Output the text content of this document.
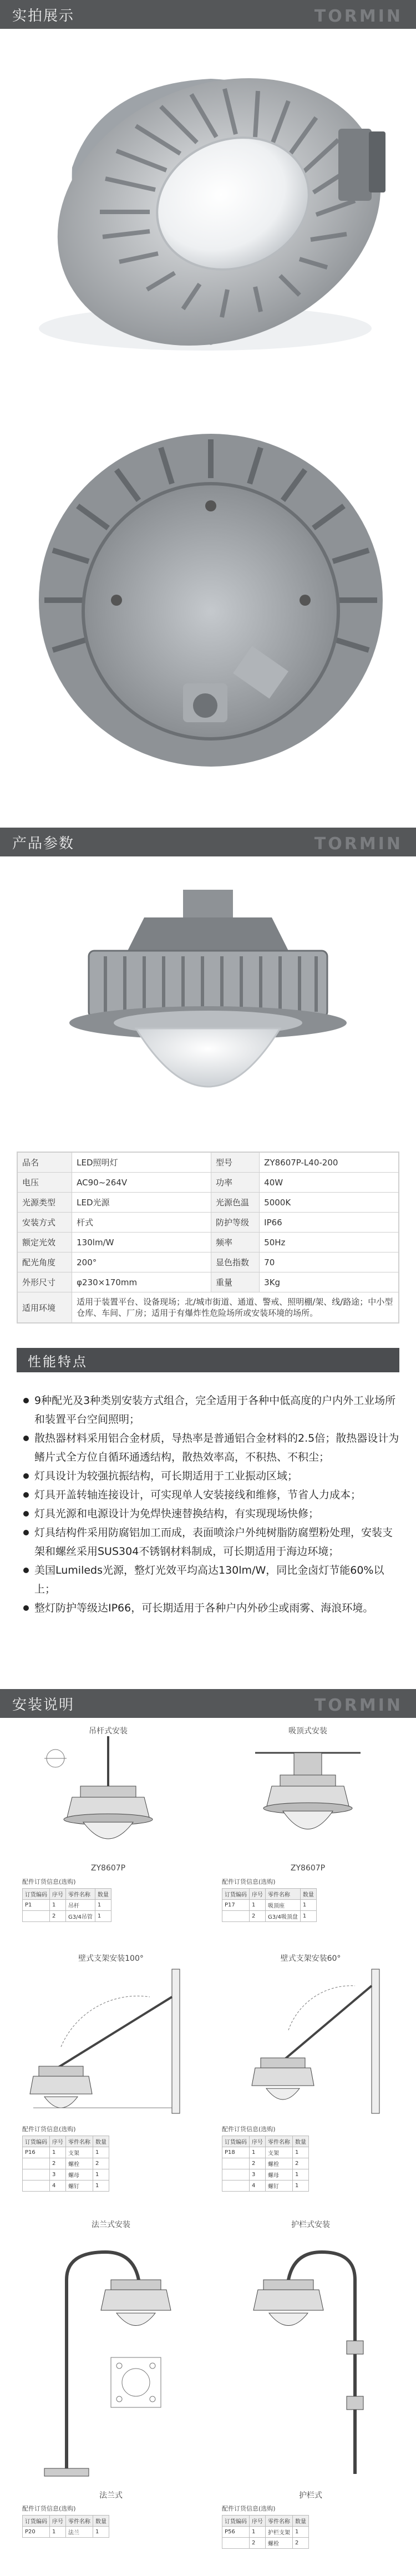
实拍展示	TORMIN
产品参数	TORMIN
品名	LED照明灯	型号	ZY8607P-L40-200
电压	AC90~264V	功率	40W
光源类型	LED光源	光源色温	5000K
安装方式	杆式	防护等级	IP66
额定光效	130lm/W	频率	50Hz
配光角度	200°	显色指数	70
外形尺寸	φ230×170mm	重量	3Kg
适用环境	适用于装置平台、设备现场；北/城市街道、通道、警戒、照明棚/架、线/路途；中小型仓库、车间、厂房；适用于有爆炸性危险场所或安装环境的场所。		
性能特点
9种配光及3种类别安装方式组合，完全适用于各种中低高度的户内外工业场所和装置平台空间照明；
散热器材料采用铝合金材质，导热率是普通铝合金材料的2.5倍；散热器设计为鳍片式全方位自循环通透结构，散热效率高，不积热、不积尘；
灯具设计为较强抗振结构，可长期适用于工业振动区域；
灯具开盖转轴连接设计，可实现单人安装接线和维修，节省人力成本；
灯具光源和电源设计为免焊快速替换结构，有实现现场快修；
灯具结构件采用防腐铝加工而成，表面喷涂户外纯树脂防腐塑粉处理，安装支架和螺丝采用SUS304不锈钢材料制成，可长期适用于海边环境；
美国Lumileds光源，整灯光效平均高达130lm/W，同比金卤灯节能60%以上；
整灯防护等级达IP66，可长期适用于各种户内外砂尘或雨雾、海浪环境。
安装说明	TORMIN
吊杆式安装
ZY8607P
配件订货信息(选购)
订货编码	序号	零件名称	数量
P1	1	吊杆	1
	2	G3/4吊管	1
吸顶式安装
ZY8607P
配件订货信息(选购)
订货编码	序号	零件名称	数量
P17	1	吸顶座	1
	2	G3/4吸顶盘	1
壁式支架安装100°
配件订货信息(选购)
订货编码	序号	零件名称	数量
P16	1	支架	1
	2	螺栓	2
	3	螺母	1
	4	螺钉	1
壁式支架安装60°
配件订货信息(选购)
订货编码	序号	零件名称	数量
P18	1	支架	1
	2	螺栓	2
	3	螺母	1
	4	螺钉	1
法兰式安装
法兰式
配件订货信息(选购)
订货编码	序号	零件名称	数量
P20	1	法兰	1
护栏式安装
护栏式
配件订货信息(选购)
订货编码	序号	零件名称	数量
P56	1	护栏支架	1
	2	螺栓	2
